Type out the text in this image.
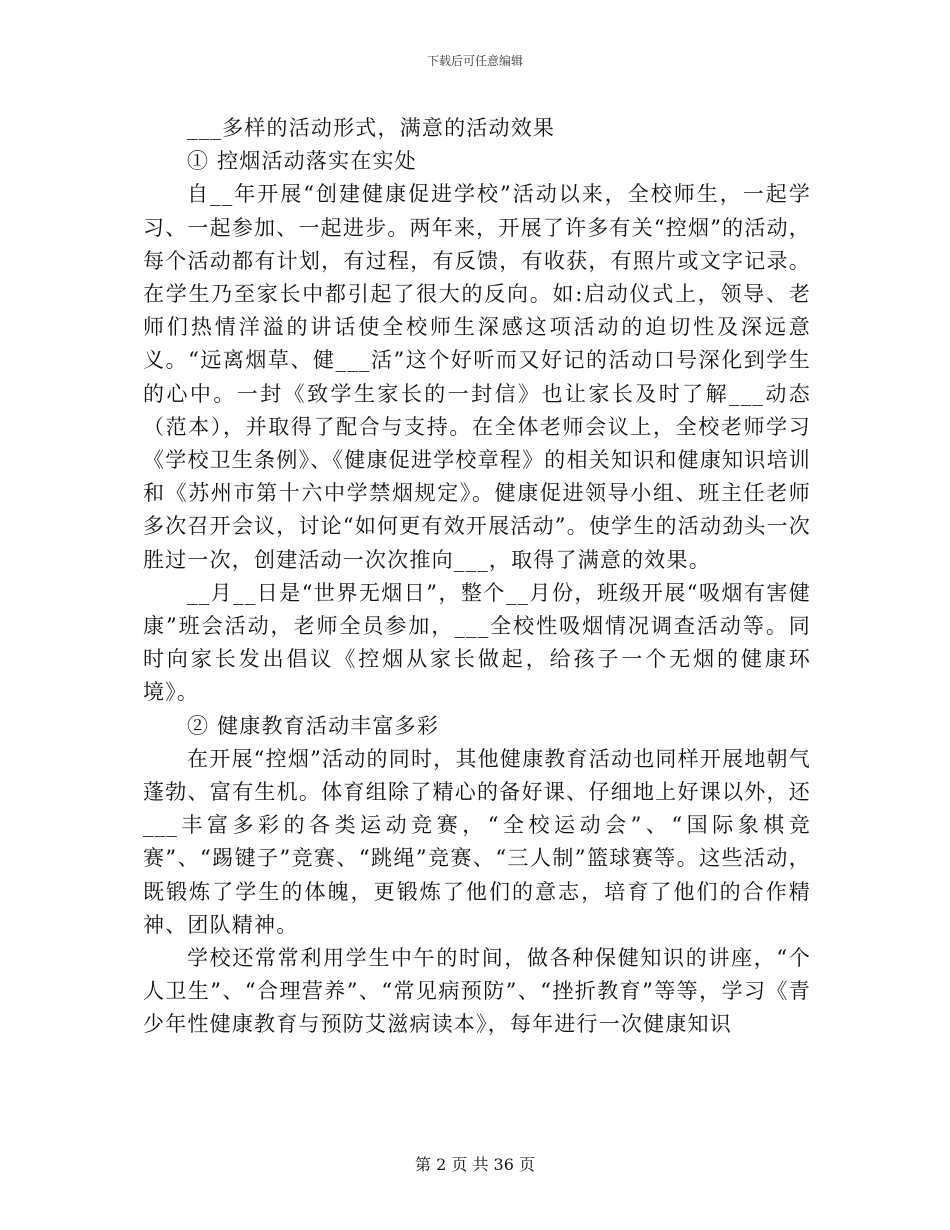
下载后可任意编辑

___多样的活动形式，满意的活动效果

① 控烟活动落实在实处

自__年开展“创建健康促进学校”活动以来，全校师生，一起学习、一起参加、一起进步。两年来，开展了许多有关“控烟”的活动，每个活动都有计划，有过程，有反馈，有收获，有照片或文字记录。在学生乃至家长中都引起了很大的反向。如:启动仪式上，领导、老师们热情洋溢的讲话使全校师生深感这项活动的迫切性及深远意义。“远离烟草、健___活”这个好听而又好记的活动口号深化到学生的心中。一封《致学生家长的一封信》也让家长及时了解___动态（范本），并取得了配合与支持。在全体老师会议上，全校老师学习《学校卫生条例》、《健康促进学校章程》的相关知识和健康知识培训和《苏州市第十六中学禁烟规定》。健康促进领导小组、班主任老师多次召开会议，讨论“如何更有效开展活动”。使学生的活动劲头一次胜过一次，创建活动一次次推向___，取得了满意的效果。

__月__日是“世界无烟日”，整个__月份，班级开展“吸烟有害健康”班会活动，老师全员参加，___全校性吸烟情况调查活动等。同时向家长发出倡议《控烟从家长做起，给孩子一个无烟的健康环境》。

② 健康教育活动丰富多彩

在开展“控烟”活动的同时，其他健康教育活动也同样开展地朝气蓬勃、富有生机。体育组除了精心的备好课、仔细地上好课以外，还___丰富多彩的各类运动竞赛，“全校运动会”、“国际象棋竞赛”、“踢键子”竞赛、“跳绳”竞赛、“三人制”篮球赛等。这些活动，既锻炼了学生的体魄，更锻炼了他们的意志，培育了他们的合作精神、团队精神。

学校还常常利用学生中午的时间，做各种保健知识的讲座，“个人卫生”、“合理营养”、“常见病预防”、“挫折教育”等等，学习《青少年性健康教育与预防艾滋病读本》，每年进行一次健康知识

第 2 页 共 36 页
